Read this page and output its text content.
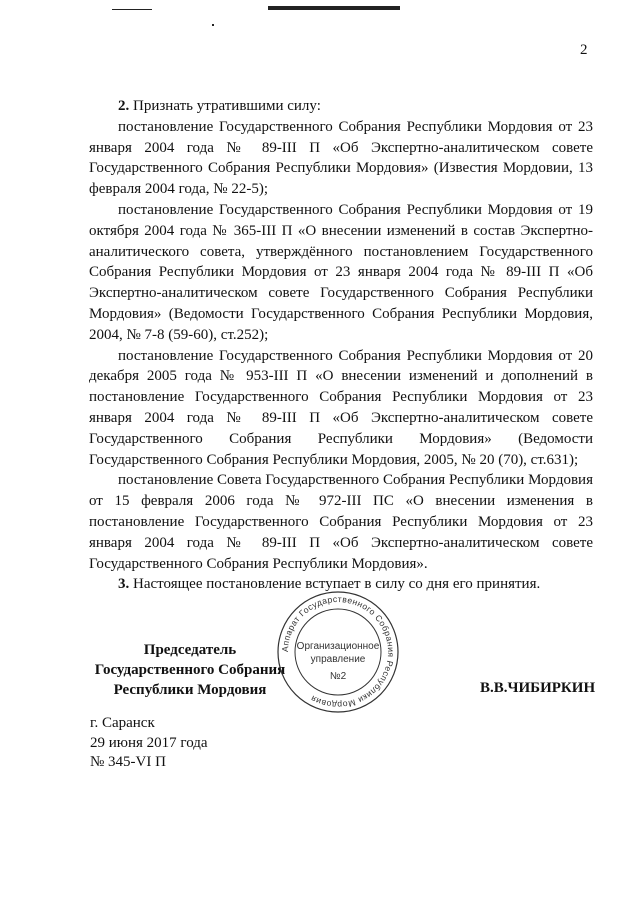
2

2. Признать утратившими силу:

постановление Государственного Собрания Республики Мордовия от 23 января 2004 года № 89-III П «Об Экспертно-аналитическом совете Государственного Собрания Республики Мордовия» (Известия Мордовии, 13 февраля 2004 года, № 22-5);

постановление Государственного Собрания Республики Мордовия от 19 октября 2004 года № 365-III П «О внесении изменений в состав Экспертно-аналитического совета, утверждённого постановлением Государственного Собрания Республики Мордовия от 23 января 2004 года № 89-III П «Об Экспертно-аналитическом совете Государственного Собрания Республики Мордовия» (Ведомости Государственного Собрания Республики Мордовия, 2004, № 7-8 (59-60), ст.252);

постановление Государственного Собрания Республики Мордовия от 20 декабря 2005 года № 953-III П «О внесении изменений и дополнений в постановление Государственного Собрания Республики Мордовия от 23 января 2004 года № 89-III П «Об Экспертно-аналитическом совете Государственного Собрания Республики Мордовия» (Ведомости Государственного Собрания Республики Мордовия, 2005, № 20 (70), ст.631);

постановление Совета Государственного Собрания Республики Мордовия от 15 февраля 2006 года № 972-III ПС «О внесении изменения в постановление Государственного Собрания Республики Мордовия от 23 января 2004 года № 89-III П «Об Экспертно-аналитическом совете Государственного Собрания Республики Мордовия».

3. Настоящее постановление вступает в силу со дня его принятия.

Председатель
Государственного Собрания
Республики Мордовия
Аппарат Государственного Собрания Республики Мордовия
Организационное
управление
№2
В.В.ЧИБИРКИН
г. Саранск
29 июня 2017 года
№ 345-VI П
